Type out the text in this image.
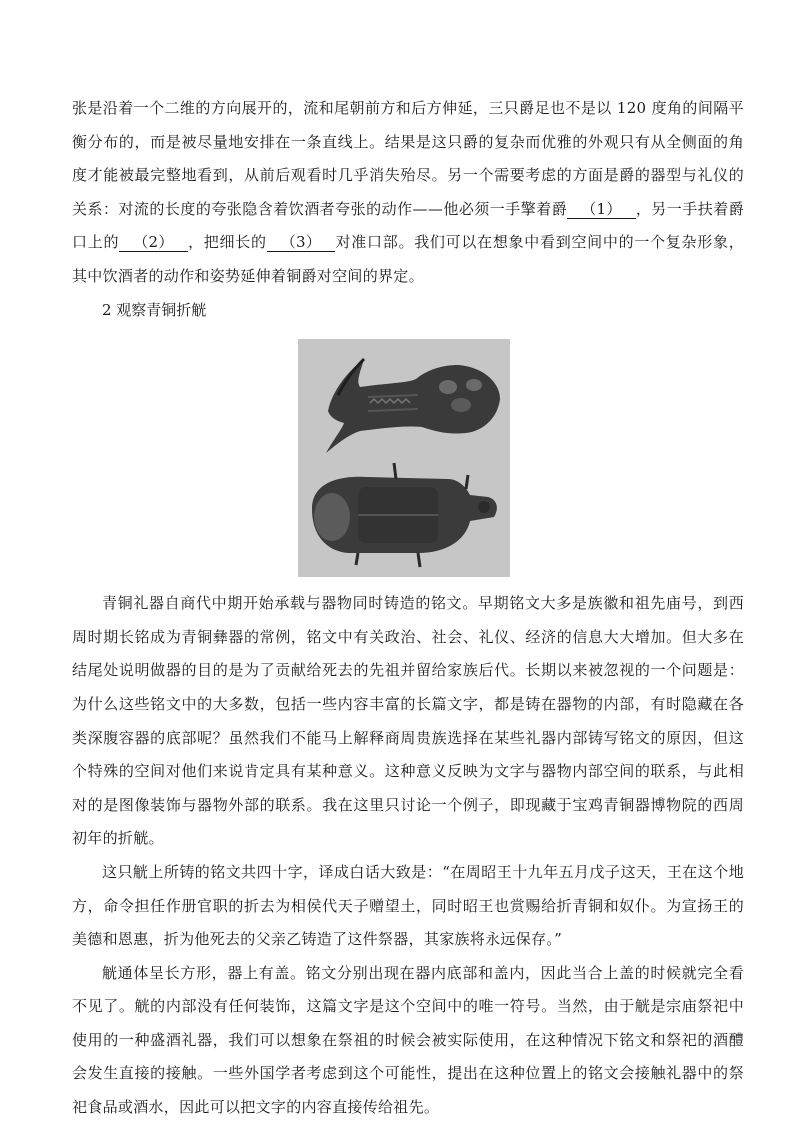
张是沿着一个二维的方向展开的，流和尾朝前方和后方伸延，三只爵足也不是以 120 度角的间隔平衡分布的，而是被尽量地安排在一条直线上。结果是这只爵的复杂而优雅的外观只有从全侧面的角度才能被最完整地看到，从前后观看时几乎消失殆尽。另一个需要考虑的方面是爵的器型与礼仪的关系：对流的长度的夸张隐含着饮酒者夸张的动作——他必须一手擎着爵 （1） ，另一手扶着爵口上的 （2） ，把细长的 （3） 对准口部。我们可以在想象中看到空间中的一个复杂形象，其中饮酒者的动作和姿势延伸着铜爵对空间的界定。

2 观察青铜折觥

青铜礼器自商代中期开始承载与器物同时铸造的铭文。早期铭文大多是族徽和祖先庙号，到西周时期长铭成为青铜彝器的常例，铭文中有关政治、社会、礼仪、经济的信息大大增加。但大多在结尾处说明做器的目的是为了贡献给死去的先祖并留给家族后代。长期以来被忽视的一个问题是：为什么这些铭文中的大多数，包括一些内容丰富的长篇文字，都是铸在器物的内部，有时隐藏在各类深腹容器的底部呢？虽然我们不能马上解释商周贵族选择在某些礼器内部铸写铭文的原因，但这个特殊的空间对他们来说肯定具有某种意义。这种意义反映为文字与器物内部空间的联系，与此相对的是图像装饰与器物外部的联系。我在这里只讨论一个例子，即现藏于宝鸡青铜器博物院的西周初年的折觥。

这只觥上所铸的铭文共四十字，译成白话大致是：“在周昭王十九年五月戊子这天，王在这个地方，命令担任作册官职的折去为相侯代天子赠望土，同时昭王也赏赐给折青铜和奴仆。为宣扬王的美德和恩惠，折为他死去的父亲乙铸造了这件祭器，其家族将永远保存。”

觥通体呈长方形，器上有盖。铭文分别出现在器内底部和盖内，因此当合上盖的时候就完全看不见了。觥的内部没有任何装饰，这篇文字是这个空间中的唯一符号。当然，由于觥是宗庙祭祀中使用的一种盛酒礼器，我们可以想象在祭祖的时候会被实际使用，在这种情况下铭文和祭祀的酒醴会发生直接的接触。一些外国学者考虑到这个可能性，提出在这种位置上的铭文会接触礼器中的祭祀食品或酒水，因此可以把文字的内容直接传给祖先。
